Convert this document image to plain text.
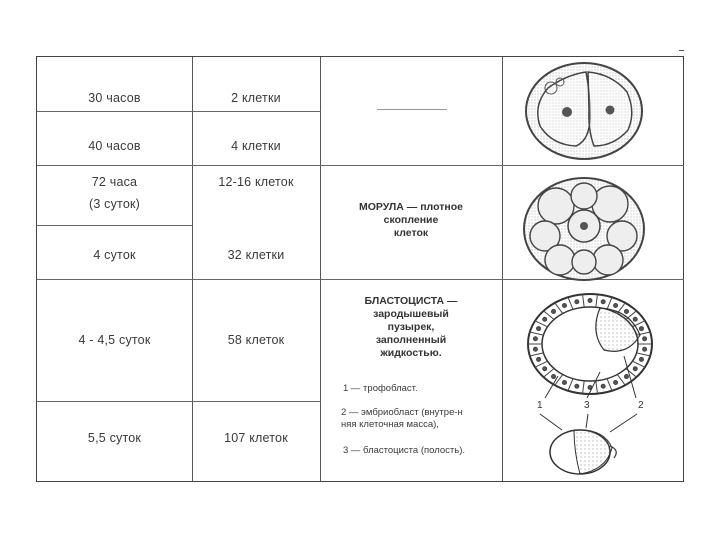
30 часов
40 часов
72 часа
(3 суток)
4 суток
4 - 4,5 суток
5,5 суток
2 клетки
4 клетки
12-16 клеток
32 клетки
58 клеток
107 клеток
МОРУЛА — плотное
скопление
клеток
БЛАСТОЦИСТА —
зародышевый
пузырек,
заполненный
жидкостью.
1 — трофобласт.
2 — эмбриобласт (внутре-н
няя клеточная масса),
3 — бластоциста (полость).
1	3	2
